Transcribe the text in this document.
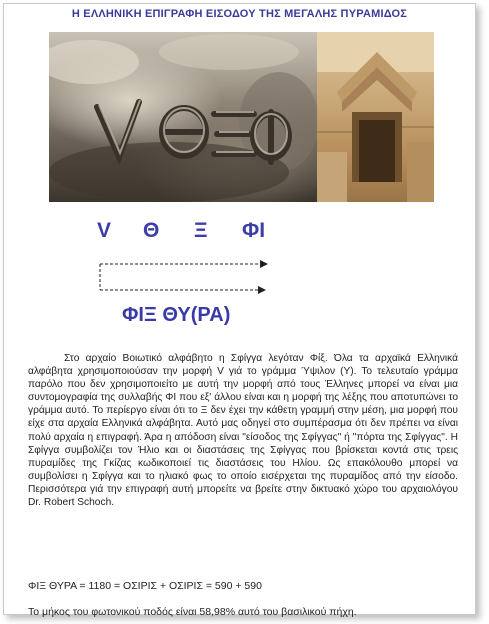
Η ΕΛΛΗΝΙΚΗ ΕΠΙΓΡΑΦΗ ΕΙΣΟΔΟΥ ΤΗΣ ΜΕΓΑΛΗΣ ΠΥΡΑΜΙΔΟΣ
V Θ Ξ ΦΙ
ΦΙΞ ΘΥ(ΡΑ)

Στο αρχαίο Βοιωτικό αλφάβητο η Σφίγγα λεγόταν Φίξ. Όλα τα αρχαϊκά Ελληνικά αλφάβητα χρησιμοποιούσαν την μορφή V γιά το γράμμα Ύψιλον (Υ). Το τελευταίο γράμμα παρόλο που δεν χρησιμοποιείτο με αυτή την μορφή από τους Έλληνες μπορεί να είναι μια συντομογραφία της συλλαβής ΦΙ που εξ' άλλου είναι και η μορφή της λέξης που αποτυπώνει το γράμμα αυτό. Το περίεργο είναι ότι το Ξ δεν έχει την κάθετη γραμμή στην μέση, μια μορφή που είχε στα αρχαία Ελληνικά αλφάβητα. Αυτό μας οδηγεί στο συμπέρασμα ότι δεν πρέπει να είναι πολύ αρχαία η επιγραφή. Άρα η απόδοση είναι "είσοδος της Σφίγγας" ή "πόρτα της Σφίγγας". Η Σφίγγα συμβολίζει τον Ήλιο και οι διαστάσεις της Σφίγγας που βρίσκεται κοντά στις τρεις πυραμίδες της Γκίζας κωδικοποιεί τις διαστάσεις του Ηλίου. Ως επακόλουθο μπορεί να συμβολίσει η Σφίγγα και το ηλιακό φως το οποίο εισέρχεται της πυραμίδος από την είσοδο. Περισσότερα γιά την επιγραφή αυτή μπορείτε να βρείτε στην δικτυακό χώρο του αρχαιολόγου Dr. Robert Schoch.

ΦΙΞ ΘΥΡΑ = 1180 = ΟΣΙΡΙΣ + ΟΣΙΡΙΣ = 590 + 590
Το μήκος του φωτονικού ποδός είναι 58,98% αυτό του βασιλικού πήχη.
